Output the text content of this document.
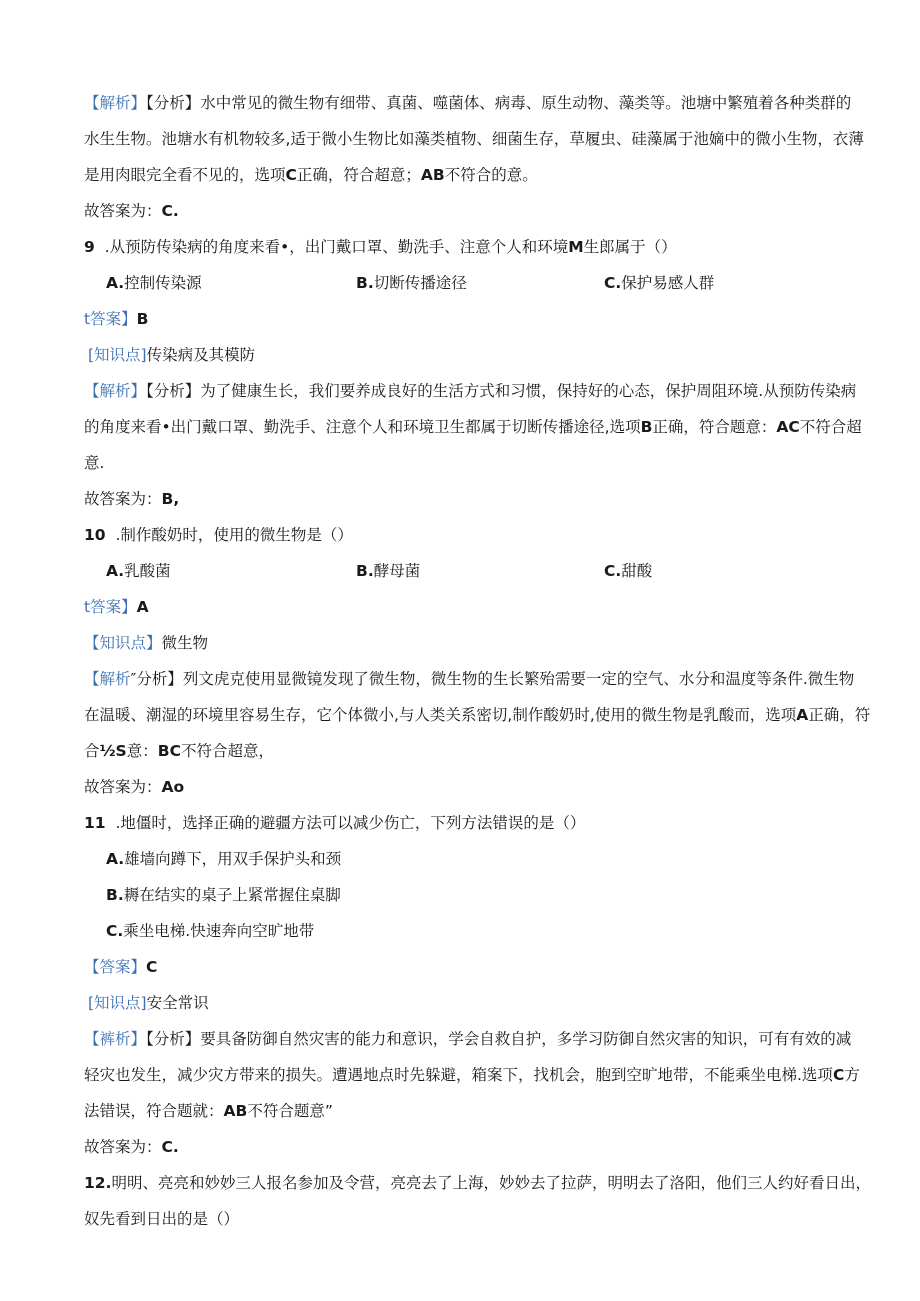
【解析】【分析】水中常见的微生物有细带、真菌、噬菌体、病毒、原生动物、藻类等。池塘中繁殖着各种类群的
水生生物。池塘水有机物较多,适于微小生物比如藻类植物、细菌生存，草履虫、硅藻属于池嫡中的微小生物，衣薄
是用肉眼完全看不见的，选项C正确，符合超意；AB不符合的意。
故答案为：C.
9 .从预防传染病的角度来看•，出门戴口罩、勤洗手、注意个人和环境M生郎属于（）
A.控制传染源	B.切断传播途径	C.保护易感人群
t答案】B
[知识点]传染病及其模防
【解析】【分析】为了健康生长，我们要养成良好的生活方式和习惯，保持好的心态，保护周阻环境.从预防传染病
的角度来看•出门戴口罩、勤洗手、注意个人和环境卫生都属于切断传播途径,选项B正确，符合题意：AC不符合超
意.
故答案为：B,
10 .制作酸奶时，使用的微生物是（）
A.乳酸菌	B.酵母菌	C.甜酸
t答案】A
【知识点】微生物
【解析″分析】列文虎克使用显微镜发现了微生物，微生物的生长繁殆需要一定的空气、水分和温度等条件.微生物
在温暖、潮湿的环境里容易生存，它个体微小,与人类关系密切,制作酸奶时,使用的微生物是乳酸而，选项A正确，符
合½S意：BC不符合超意，
故答案为：Ao
11 .地僵时，选择正确的避疆方法可以减少伤亡，下列方法错误的是（）
A.雄墙向蹲下，用双手保护头和颈
B.耨在结实的桌子上紧常握住桌脚
C.乘坐电梯.快速奔向空旷地带
【答案】C
[知识点]安全常识
【裤析】【分析】要具备防御自然灾害的能力和意识，学会自救自护，多学习防御自然灾害的知识，可有有效的减
轻灾也发生，减少灾方带来的损失。遭遇地点时先躲避，箱案下，找机会，胞到空旷地带，不能乘坐电梯.选项C方
法错误，符合题就：AB不符合题意”
故答案为：C.
12.明明、亮亮和妙妙三人报名参加及令营，亮亮去了上海，妙妙去了拉萨，明明去了洛阳，他们三人约好看日出，
奴先看到日出的是（）
